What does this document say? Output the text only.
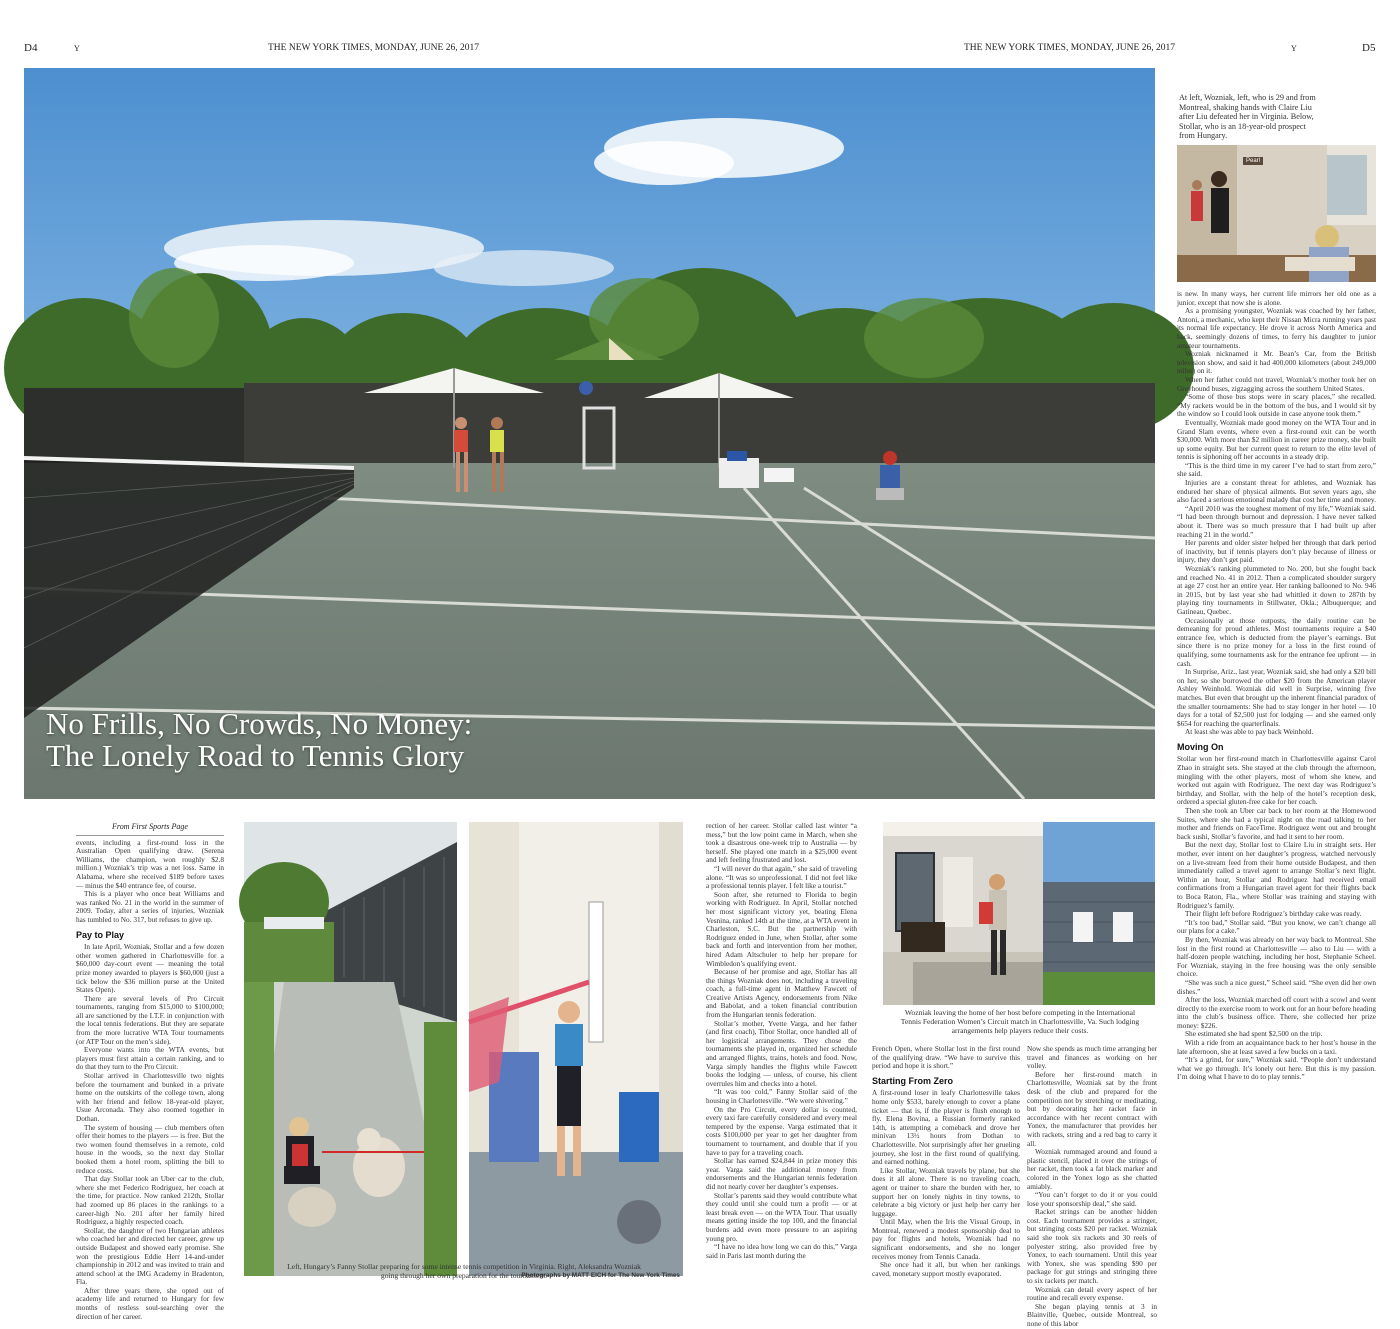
D4	Y	THE NEW YORK TIMES, MONDAY, JUNE 26, 2017	THE NEW YORK TIMES, MONDAY, JUNE 26, 2017	Y	D5
No Frills, No Crowds, No Money:
The Lonely Road to Tennis Glory
At left, Wozniak, left, who is 29 and from Montreal, shaking hands with Claire Liu after Liu defeated her in Virginia. Below, Stollar, who is an 18-year-old prospect from Hungary.
Pearl

is new. In many ways, her current life mirrors her old one as a junior, except that now she is alone.

As a promising youngster, Wozniak was coached by her father, Antoni, a mechanic, who kept their Nissan Micra running years past its normal life expectancy. He drove it across North America and back, seemingly dozens of times, to ferry his daughter to junior amateur tournaments.

Wozniak nicknamed it Mr. Bean’s Car, from the British television show, and said it had 400,000 kilometers (about 249,000 miles) on it.

When her father could not travel, Wozniak’s mother took her on Greyhound buses, zigzagging across the southern United States.

“Some of those bus stops were in scary places,” she recalled. “My rackets would be in the bottom of the bus, and I would sit by the window so I could look outside in case anyone took them.”

Eventually, Wozniak made good money on the WTA Tour and in Grand Slam events, where even a first-round exit can be worth $30,000. With more than $2 million in career prize money, she built up some equity. But her current quest to return to the elite level of tennis is siphoning off her accounts in a steady drip.

“This is the third time in my career I’ve had to start from zero,” she said.

Injuries are a constant threat for athletes, and Wozniak has endured her share of physical ailments. But seven years ago, she also faced a serious emotional malady that cost her time and money.

“April 2010 was the toughest moment of my life,” Wozniak said. “I had been through burnout and depression. I have never talked about it. There was so much pressure that I had built up after reaching 21 in the world.”

Her parents and older sister helped her through that dark period of inactivity, but if tennis players don’t play because of illness or injury, they don’t get paid.

Wozniak’s ranking plummeted to No. 200, but she fought back and reached No. 41 in 2012. Then a complicated shoulder surgery at age 27 cost her an entire year. Her ranking ballooned to No. 946 in 2015, but by last year she had whittled it down to 287th by playing tiny tournaments in Stillwater, Okla.; Albuquerque; and Gatineau, Quebec.

Occasionally at those outposts, the daily routine can be demeaning for proud athletes. Most tournaments require a $40 entrance fee, which is deducted from the player’s earnings. But since there is no prize money for a loss in the first round of qualifying, some tournaments ask for the entrance fee upfront — in cash.

In Surprise, Ariz., last year, Wozniak said, she had only a $20 bill on her, so she borrowed the other $20 from the American player Ashley Weinhold. Wozniak did well in Surprise, winning five matches. But even that brought up the inherent financial paradox of the smaller tournaments: She had to stay longer in her hotel — 10 days for a total of $2,500 just for lodging — and she earned only $654 for reaching the quarterfinals.

At least she was able to pay back Weinhold.

Moving On

Stollar won her first-round match in Charlottesville against Carol Zhao in straight sets. She stayed at the club through the afternoon, mingling with the other players, most of whom she knew, and worked out again with Rodriguez. The next day was Rodriguez’s birthday, and Stollar, with the help of the hotel’s reception desk, ordered a special gluten-free cake for her coach.

Then she took an Uber car back to her room at the Homewood Suites, where she had a typical night on the road talking to her mother and friends on FaceTime. Rodriguez went out and brought back sushi, Stollar’s favorite, and had it sent to her room.

But the next day, Stollar lost to Claire Liu in straight sets. Her mother, ever intent on her daughter’s progress, watched nervously on a live-stream feed from their home outside Budapest, and then immediately called a travel agent to arrange Stollar’s next flight. Within an hour, Stollar and Rodriguez had received email confirmations from a Hungarian travel agent for their flights back to Boca Raton, Fla., where Stollar was training and staying with Rodriguez’s family.

Their flight left before Rodriguez’s birthday cake was ready.

“It’s too bad,” Stollar said. “But you know, we can’t change all our plans for a cake.”

By then, Wozniak was already on her way back to Montreal. She lost in the first round at Charlottesville — also to Liu — with a half-dozen people watching, including her host, Stephanie Scheel. For Wozniak, staying in the free housing was the only sensible choice.

“She was such a nice guest,” Scheel said. “She even did her own dishes.”

After the loss, Wozniak marched off court with a scowl and went directly to the exercise room to work out for an hour before heading into the club’s business office. There, she collected her prize money: $226.

She estimated she had spent $2,500 on the trip.

With a ride from an acquaintance back to her host’s house in the late afternoon, she at least saved a few bucks on a taxi.

“It’s a grind, for sure,” Wozniak said. “People don’t understand what we go through. It’s lonely out here. But this is my passion. I’m doing what I have to do to play tennis.”

From First Sports Page

events, including a first-round loss in the Australian Open qualifying draw. (Serena Williams, the champion, won roughly $2.8 million.) Wozniak’s trip was a net loss. Same in Alabama, where she received $189 before taxes — minus the $40 entrance fee, of course.

This is a player who once beat Williams and was ranked No. 21 in the world in the summer of 2009. Today, after a series of injuries, Wozniak has tumbled to No. 317, but refuses to give up.

Pay to Play

In late April, Wozniak, Stollar and a few dozen other women gathered in Charlottesville for a $60,000 day-court event — meaning the total prize money awarded to players is $60,000 (just a tick below the $36 million purse at the United States Open).

There are several levels of Pro Circuit tournaments, ranging from $15,000 to $100,000; all are sanctioned by the I.T.F. in conjunction with the local tennis federations. But they are separate from the more lucrative WTA Tour tournaments (or ATP Tour on the men’s side).

Everyone wants into the WTA events, but players must first attain a certain ranking, and to do that they turn to the Pro Circuit.

Stollar arrived in Charlottesville two nights before the tournament and bunked in a private home on the outskirts of the college town, along with her friend and fellow 18-year-old player, Usue Arconada. They also roomed together in Dothan.

The system of housing — club members often offer their homes to the players — is free. But the two women found themselves in a remote, cold house in the woods, so the next day Stollar booked them a hotel room, splitting the bill to reduce costs.

That day Stollar took an Uber car to the club, where she met Federico Rodriguez, her coach at the time, for practice. Now ranked 212th, Stollar had zoomed up 86 places in the rankings to a career-high No. 201 after her family hired Rodriguez, a highly respected coach.

Stollar, the daughter of two Hungarian athletes who coached her and directed her career, grew up outside Budapest and showed early promise. She won the prestigious Eddie Herr 14-and-under championship in 2012 and was invited to train and attend school at the IMG Academy in Bradenton, Fla.

After three years there, she opted out of academy life and returned to Hungary for few months of restless soul-searching over the direction of her career.

Left, Hungary’s Fanny Stollar preparing for some intense tennis competition in Virginia. Right, Aleksandra Wozniak going through her own preparation for the tournament.
Photographs by MATT EICH for The New York Times

rection of her career. Stollar called last winter “a mess,” but the low point came in March, when she took a disastrous one-week trip to Australia — by herself. She played one match in a $25,000 event and left feeling frustrated and lost.

“I will never do that again,” she said of traveling alone. “It was so unprofessional. I did not feel like a professional tennis player. I felt like a tourist.”

Soon after, she returned to Florida to begin working with Rodriguez. In April, Stollar notched her most significant victory yet, beating Elena Vesnina, ranked 14th at the time, at a WTA event in Charleston, S.C. But the partnership with Rodriguez ended in June, when Stollar, after some back and forth and intervention from her mother, hired Adam Altschuler to help her prepare for Wimbledon’s qualifying event.

Because of her promise and age, Stollar has all the things Wozniak does not, including a traveling coach, a full-time agent in Matthew Fawcett of Creative Artists Agency, endorsements from Nike and Babolat, and a token financial contribution from the Hungarian tennis federation.

Stollar’s mother, Yvette Varga, and her father (and first coach), Tibor Stollar, once handled all of her logistical arrangements. They chose the tournaments she played in, organized her schedule and arranged flights, trains, hotels and food. Now, Varga simply handles the flights while Fawcett books the lodging — unless, of course, his client overrules him and checks into a hotel.

“It was too cold,” Fanny Stollar said of the housing in Charlottesville. “We were shivering.”

On the Pro Circuit, every dollar is counted, every taxi fare carefully considered and every meal tempered by the expense. Varga estimated that it costs $100,000 per year to get her daughter from tournament to tournament, and double that if you have to pay for a traveling coach.

Stollar has earned $24,844 in prize money this year. Varga said the additional money from endorsements and the Hungarian tennis federation did not nearly cover her daughter’s expenses.

Stollar’s parents said they would contribute what they could until she could turn a profit — or at least break even — on the WTA Tour. That usually means getting inside the top 100, and the financial burdens add even more pressure to an aspiring young pro.

“I have no idea how long we can do this,” Varga said in Paris last month during the

Wozniak leaving the home of her host before competing in the International Tennis Federation Women’s Circuit match in Charlottesville, Va. Such lodging arrangements help players reduce their costs.

French Open, where Stollar lost in the first round of the qualifying draw. “We have to survive this period and hope it is short.”

Starting From Zero

A first-round loser in leafy Charlottesville takes home only $533, barely enough to cover a plane ticket — that is, if the player is flush enough to fly. Elena Bovina, a Russian formerly ranked 14th, is attempting a comeback and drove her minivan 13½ hours from Dothan to Charlottesville. Not surprisingly after her grueling journey, she lost in the first round of qualifying, and earned nothing.

Like Stollar, Wozniak travels by plane, but she does it all alone. There is no traveling coach, agent or trainer to share the burden with her, to support her on lonely nights in tiny towns, to celebrate a big victory or just help her carry her luggage.

Until May, when the Iris the Visual Group, in Montreal, renewed a modest sponsorship deal to pay for flights and hotels, Wozniak had no significant endorsements, and she no longer receives money from Tennis Canada.

She once had it all, but when her rankings caved, monetary support mostly evaporated.

Now she spends as much time arranging her travel and finances as working on her volley.

Before her first-round match in Charlottesville, Wozniak sat by the front desk of the club and prepared for the competition not by stretching or meditating, but by decorating her racket face in accordance with her recent contract with Yonex, the manufacturer that provides her with rackets, string and a red bag to carry it all.

Wozniak rummaged around and found a plastic stencil, placed it over the strings of her racket, then took a fat black marker and colored in the Yonex logo as she chatted amiably.

“You can’t forget to do it or you could lose your sponsorship deal,” she said.

Racket strings can be another hidden cost. Each tournament provides a stringer, but stringing costs $20 per racket. Wozniak said she took six rackets and 30 reels of polyester string, also provided free by Yonex, to each tournament. Until this year with Yonex, she was spending $90 per package for gut strings and stringing three to six rackets per match.

Wozniak can detail every aspect of her routine and recall every expense.

She began playing tennis at 3 in Blainville, Quebec, outside Montreal, so none of this labor
